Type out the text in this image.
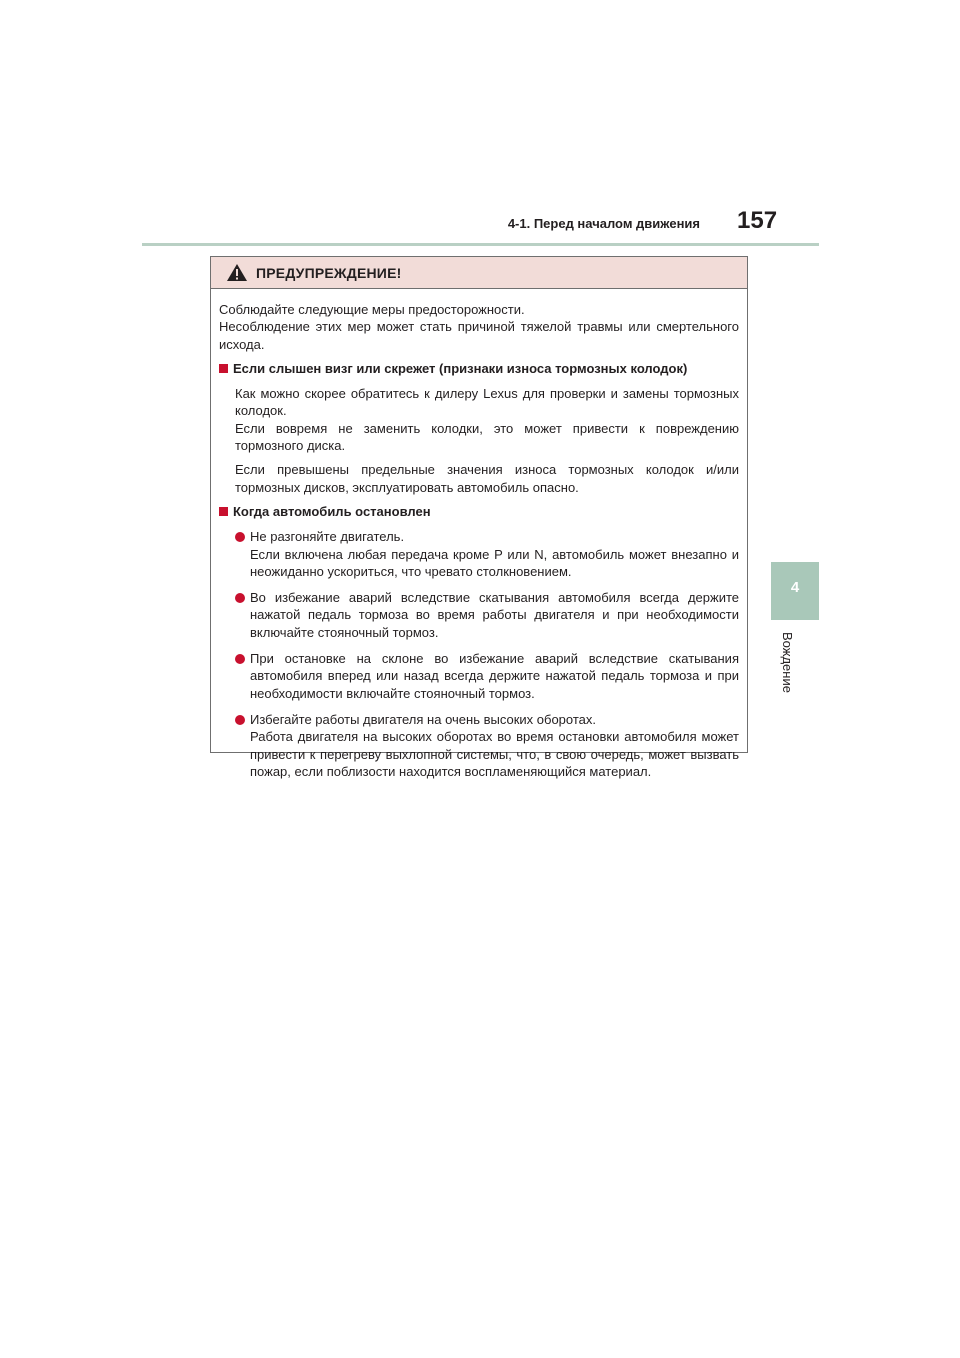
4-1. Перед началом движения 157
4
Вождение
ПРЕДУПРЕЖДЕНИЕ!

Соблюдайте следующие меры предосторожности.

Несоблюдение этих мер может стать причиной тяжелой травмы или смертельного исхода.

Если слышен визг или скрежет (признаки износа тормозных колодок)

Как можно скорее обратитесь к дилеру Lexus для проверки и замены тормозных колодок.

Если вовремя не заменить колодки, это может привести к повреждению тормозного диска.

Если превышены предельные значения износа тормозных колодок и/или тормозных дисков, эксплуатировать автомобиль опасно.

Когда автомобиль остановлен

Не разгоняйте двигатель.

Если включена любая передача кроме P или N, автомобиль может внезапно и неожиданно ускориться, что чревато столкновением.

Во избежание аварий вследствие скатывания автомобиля всегда держите нажатой педаль тормоза во время работы двигателя и при необходимости включайте стояночный тормоз.

При остановке на склоне во избежание аварий вследствие скатывания автомобиля вперед или назад всегда держите нажатой педаль тормоза и при необходимости включайте стояночный тормоз.

Избегайте работы двигателя на очень высоких оборотах.

Работа двигателя на высоких оборотах во время остановки автомобиля может привести к перегреву выхлопной системы, что, в свою очередь, может вызвать пожар, если поблизости находится воспламеняющийся материал.
